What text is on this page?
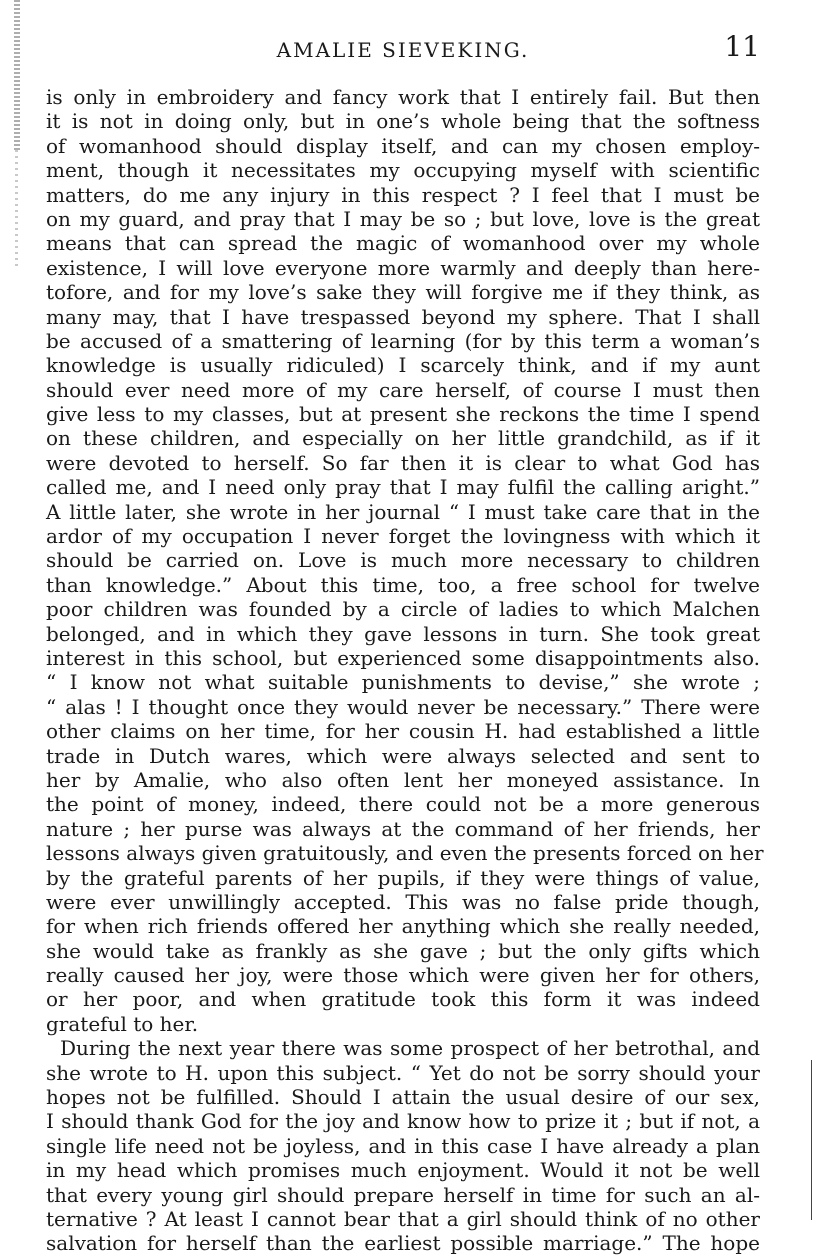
AMALIE SIEVEKING.	11
is only in embroidery and fancy work that I entirely fail. But then
it is not in doing only, but in one’s whole being that the softness
of womanhood should display itself, and can my chosen employ-
ment, though it necessitates my occupying myself with scientific
matters, do me any injury in this respect ? I feel that I must be
on my guard, and pray that I may be so ; but love, love is the great
means that can spread the magic of womanhood over my whole
existence, I will love everyone more warmly and deeply than here-
tofore, and for my love’s sake they will forgive me if they think, as
many may, that I have trespassed beyond my sphere. That I shall
be accused of a smattering of learning (for by this term a woman’s
knowledge is usually ridiculed) I scarcely think, and if my aunt
should ever need more of my care herself, of course I must then
give less to my classes, but at present she reckons the time I spend
on these children, and especially on her little grandchild, as if it
were devoted to herself. So far then it is clear to what God has
called me, and I need only pray that I may fulfil the calling aright.”
A little later, she wrote in her journal “ I must take care that in the
ardor of my occupation I never forget the lovingness with which it
should be carried on. Love is much more necessary to children
than knowledge.” About this time, too, a free school for twelve
poor children was founded by a circle of ladies to which Malchen
belonged, and in which they gave lessons in turn. She took great
interest in this school, but experienced some disappointments also.
“ I know not what suitable punishments to devise,” she wrote ;
“ alas ! I thought once they would never be necessary.” There were
other claims on her time, for her cousin H. had established a little
trade in Dutch wares, which were always selected and sent to
her by Amalie, who also often lent her moneyed assistance. In
the point of money, indeed, there could not be a more generous
nature ; her purse was always at the command of her friends, her
lessons always given gratuitously, and even the presents forced on her
by the grateful parents of her pupils, if they were things of value,
were ever unwillingly accepted. This was no false pride though,
for when rich friends offered her anything which she really needed,
she would take as frankly as she gave ; but the only gifts which
really caused her joy, were those which were given her for others,
or her poor, and when gratitude took this form it was indeed
grateful to her.
During the next year there was some prospect of her betrothal, and
she wrote to H. upon this subject. “ Yet do not be sorry should your
hopes not be fulfilled. Should I attain the usual desire of our sex,
I should thank God for the joy and know how to prize it ; but if not, a
single life need not be joyless, and in this case I have already a plan
in my head which promises much enjoyment. Would it not be well
that every young girl should prepare herself in time for such an al-
ternative ? At least I cannot bear that a girl should think of no other
salvation for herself than the earliest possible marriage.” The hope
